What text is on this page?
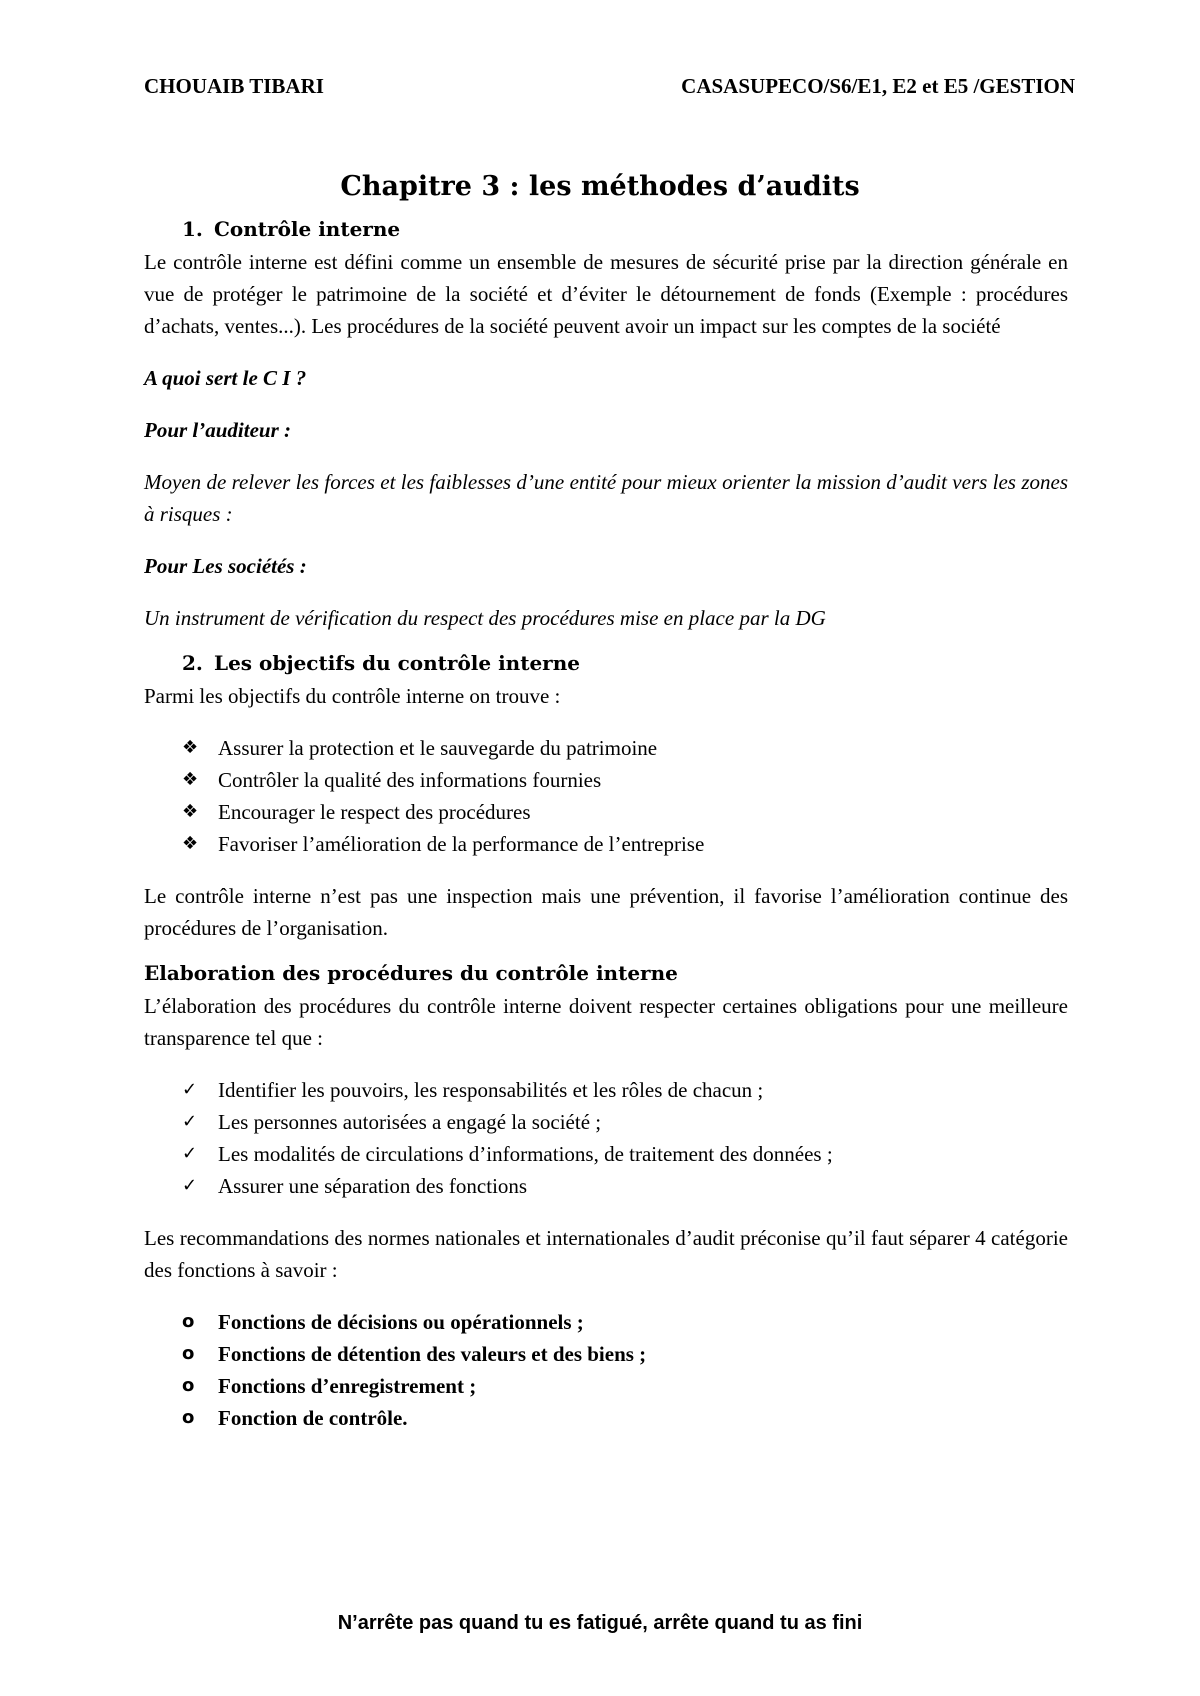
CHOUAIB TIBARI	CASASUPECO/S6/E1, E2 et E5 /GESTION
Chapitre 3 : les méthodes d’audits
1. Contrôle interne

Le contrôle interne est défini comme un ensemble de mesures de sécurité prise par la direction générale en vue de protéger le patrimoine de la société et d’éviter le détournement de fonds (Exemple : procédures d’achats, ventes...). Les procédures de la société peuvent avoir un impact sur les comptes de la société

A quoi sert le C I ?

Pour l’auditeur :

Moyen de relever les forces et les faiblesses d’une entité pour mieux orienter la mission d’audit vers les zones à risques :

Pour Les sociétés :

Un instrument de vérification du respect des procédures mise en place par la DG

2. Les objectifs du contrôle interne

Parmi les objectifs du contrôle interne on trouve :

❖ Assurer la protection et le sauvegarde du patrimoine
❖ Contrôler la qualité des informations fournies
❖ Encourager le respect des procédures
❖ Favoriser l’amélioration de la performance de l’entreprise

Le contrôle interne n’est pas une inspection mais une prévention, il favorise l’amélioration continue des procédures de l’organisation.

Elaboration des procédures du contrôle interne

L’élaboration des procédures du contrôle interne doivent respecter certaines obligations pour une meilleure transparence tel que :

✓ Identifier les pouvoirs, les responsabilités et les rôles de chacun ;
✓ Les personnes autorisées a engagé la société ;
✓ Les modalités de circulations d’informations, de traitement des données ;
✓ Assurer une séparation des fonctions

Les recommandations des normes nationales et internationales d’audit préconise qu’il faut séparer 4 catégorie des fonctions à savoir :

o	Fonctions de décisions ou opérationnels ;
o	Fonctions de détention des valeurs et des biens ;
o	Fonctions d’enregistrement ;
o	Fonction de contrôle.
N’arrête pas quand tu es fatigué, arrête quand tu as fini
